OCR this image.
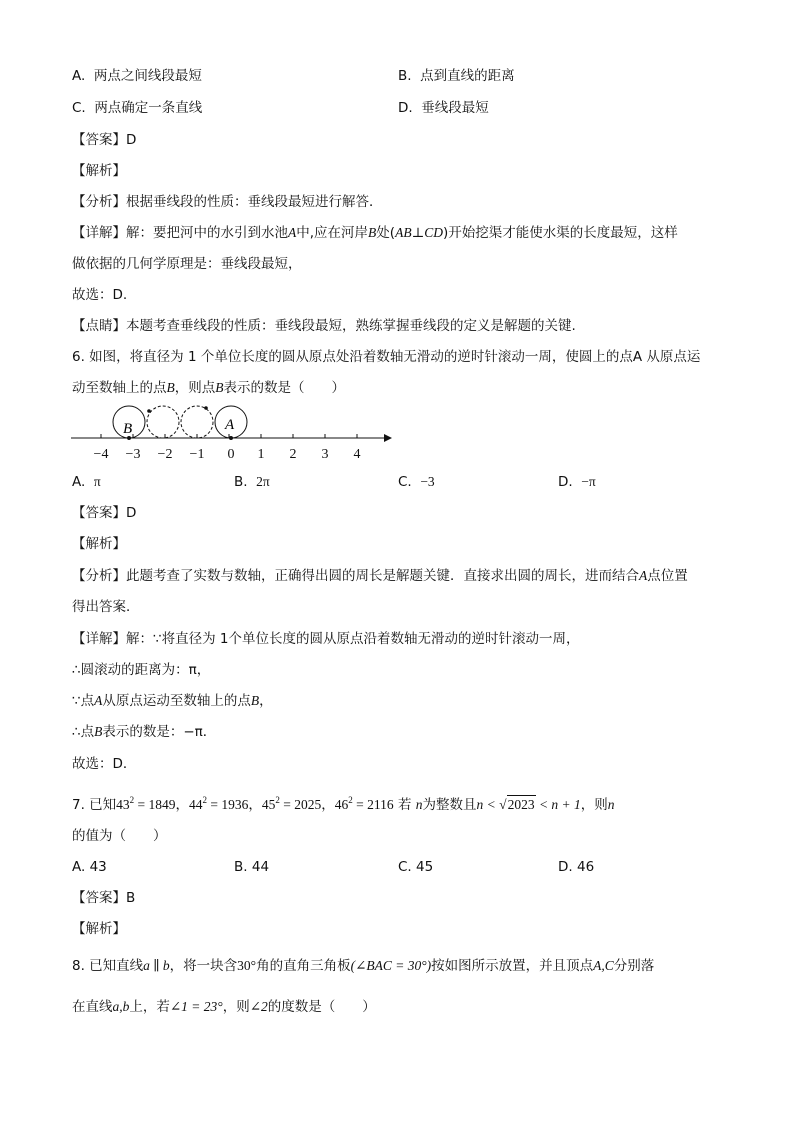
A. 两点之间线段最短	B. 点到直线的距离
C. 两点确定一条直线	D. 垂线段最短
【答案】D
【解析】
【分析】根据垂线段的性质：垂线段最短进行解答．
【详解】解：要把河中的水引到水池A中,应在河岸B处(AB⊥CD)开始挖渠才能使水渠的长度最短，这样
做依据的几何学原理是：垂线段最短，
故选：D.
【点睛】本题考查垂线段的性质：垂线段最短，熟练掌握垂线段的定义是解题的关键.
6. 如图，将直径为 1 个单位长度的圆从原点处沿着数轴无滑动的逆时针滚动一周，使圆上的点A 从原点运
动至数轴上的点B，则点B表示的数是（　　）
B	A
−4 −3 −2 −1 0 1 2 3 4
A. π	B. 2π	C. −3	D. −π
【答案】D
【解析】
【分析】此题考查了实数与数轴，正确得出圆的周长是解题关键．直接求出圆的周长，进而结合A点位置
得出答案．
【详解】解：∵将直径为 1个单位长度的圆从原点沿着数轴无滑动的逆时针滚动一周，
∴圆滚动的距离为：π，
∵点A从原点运动至数轴上的点B，
∴点B表示的数是：−π．
故选：D．
7. 已知$43^2 = 1849$，$44^2 = 1936$，$45^2 = 2025$，$46^2 = 2116$ 若 n为整数且n < √2023 < n + 1，则n
的值为（　　）
A. 43	B. 44	C. 45	D. 46
【答案】B
【解析】
8. 已知直线a ∥ b，将一块含30°角的直角三角板(∠BAC = 30°)按如图所示放置，并且顶点A,C分别落
在直线a,b上，若∠1 = 23°，则∠2的度数是（　　）
